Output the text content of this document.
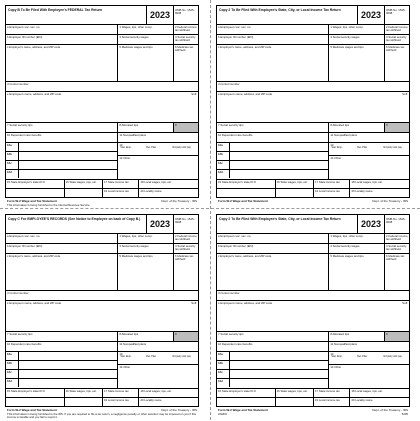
Copy B To Be Filed With Employee's FEDERAL Tax Return	2023	OMB No. 1545-0008
a Employee's soc. sec. no.	1 Wages, tips, other comp.	2 Federal income tax withheld
b Employer ID number (EIN)	3 Social security wages	4 Social security tax withheld
c Employer's name, address, and ZIP code	5 Medicare wages and tips	6 Medicare tax withheld
d Control number
e Employee's name, address, and ZIP code	Suff.
7 Social security tips	8 Allocated tips	9
10 Dependent care benefits	11 Nonqualified plans
12a
12b
12c
12d
13
Stat. Emp.	Ret. Plan	3rd party sick pay
14 Other
15 State Employer's state ID #	16 State wages, tips, etc.	17 State income tax	18 Local wages, tips, etc.
19 Local income tax	20 Locality name
Form W-2 Wage and Tax Statement	Dept. of the Treasury - IRS
This information is being furnished to the Internal Revenue Service.
Copy 2 To Be Filed With Employee's State, City, or Local Income Tax Return	2023	OMB No. 1545-0008
a Employee's soc. sec. no.	1 Wages, tips, other comp.	2 Federal income tax withheld
b Employer ID number (EIN)	3 Social security wages	4 Social security tax withheld
c Employer's name, address, and ZIP code	5 Medicare wages and tips	6 Medicare tax withheld
d Control number
e Employee's name, address, and ZIP code	Suff.
7 Social security tips	8 Allocated tips	9
10 Dependent care benefits	11 Nonqualified plans
12a
12b
12c
12d
13
Stat. Emp.	Ret. Plan	3rd party sick pay
14 Other
15 State Employer's state ID #	16 State wages, tips, etc.	17 State income tax	18 Local wages, tips, etc.
19 Local income tax	20 Locality name
Form W-2 Wage and Tax Statement	Dept. of the Treasury - IRS
Copy C For EMPLOYEE'S RECORDS (See Notice to Employee on back of Copy B.)	2023	OMB No. 1545-0008
a Employee's soc. sec. no.	1 Wages, tips, other comp.	2 Federal income tax withheld
b Employer ID number (EIN)	3 Social security wages	4 Social security tax withheld
c Employer's name, address, and ZIP code	5 Medicare wages and tips	6 Medicare tax withheld
d Control number
e Employee's name, address, and ZIP code	Suff.
7 Social security tips	8 Allocated tips	9
10 Dependent care benefits	11 Nonqualified plans
12a
12b
12c
12d
13
Stat. Emp.	Ret. Plan	3rd party sick pay
14 Other
15 State Employer's state ID #	16 State wages, tips, etc.	17 State income tax	18 Local wages, tips, etc.
19 Local income tax	20 Locality name
Form W-2 Wage and Tax Statement	Dept. of the Treasury - IRS
This information is being furnished to the IRS. If you are required to file a tax return, a negligence penalty or other sanction may be imposed on you if this income is taxable and you fail to report it.
Copy 2 To Be Filed With Employee's State, City, or Local Income Tax Return	2023	OMB No. 1545-0008
a Employee's soc. sec. no.	1 Wages, tips, other comp.	2 Federal income tax withheld
b Employer ID number (EIN)	3 Social security wages	4 Social security tax withheld
c Employer's name, address, and ZIP code	5 Medicare wages and tips	6 Medicare tax withheld
d Control number
e Employee's name, address, and ZIP code	Suff.
7 Social security tips	8 Allocated tips	9
10 Dependent care benefits	11 Nonqualified plans
12a
12b
12c
12d
13
Stat. Emp.	Ret. Plan	3rd party sick pay
14 Other
15 State Employer's state ID #	16 State wages, tips, etc.	17 State income tax	18 Local wages, tips, etc.
19 Local income tax	20 Locality name
Form W-2 Wage and Tax Statement	Dept. of the Treasury - IRS
LW2PA	5205
